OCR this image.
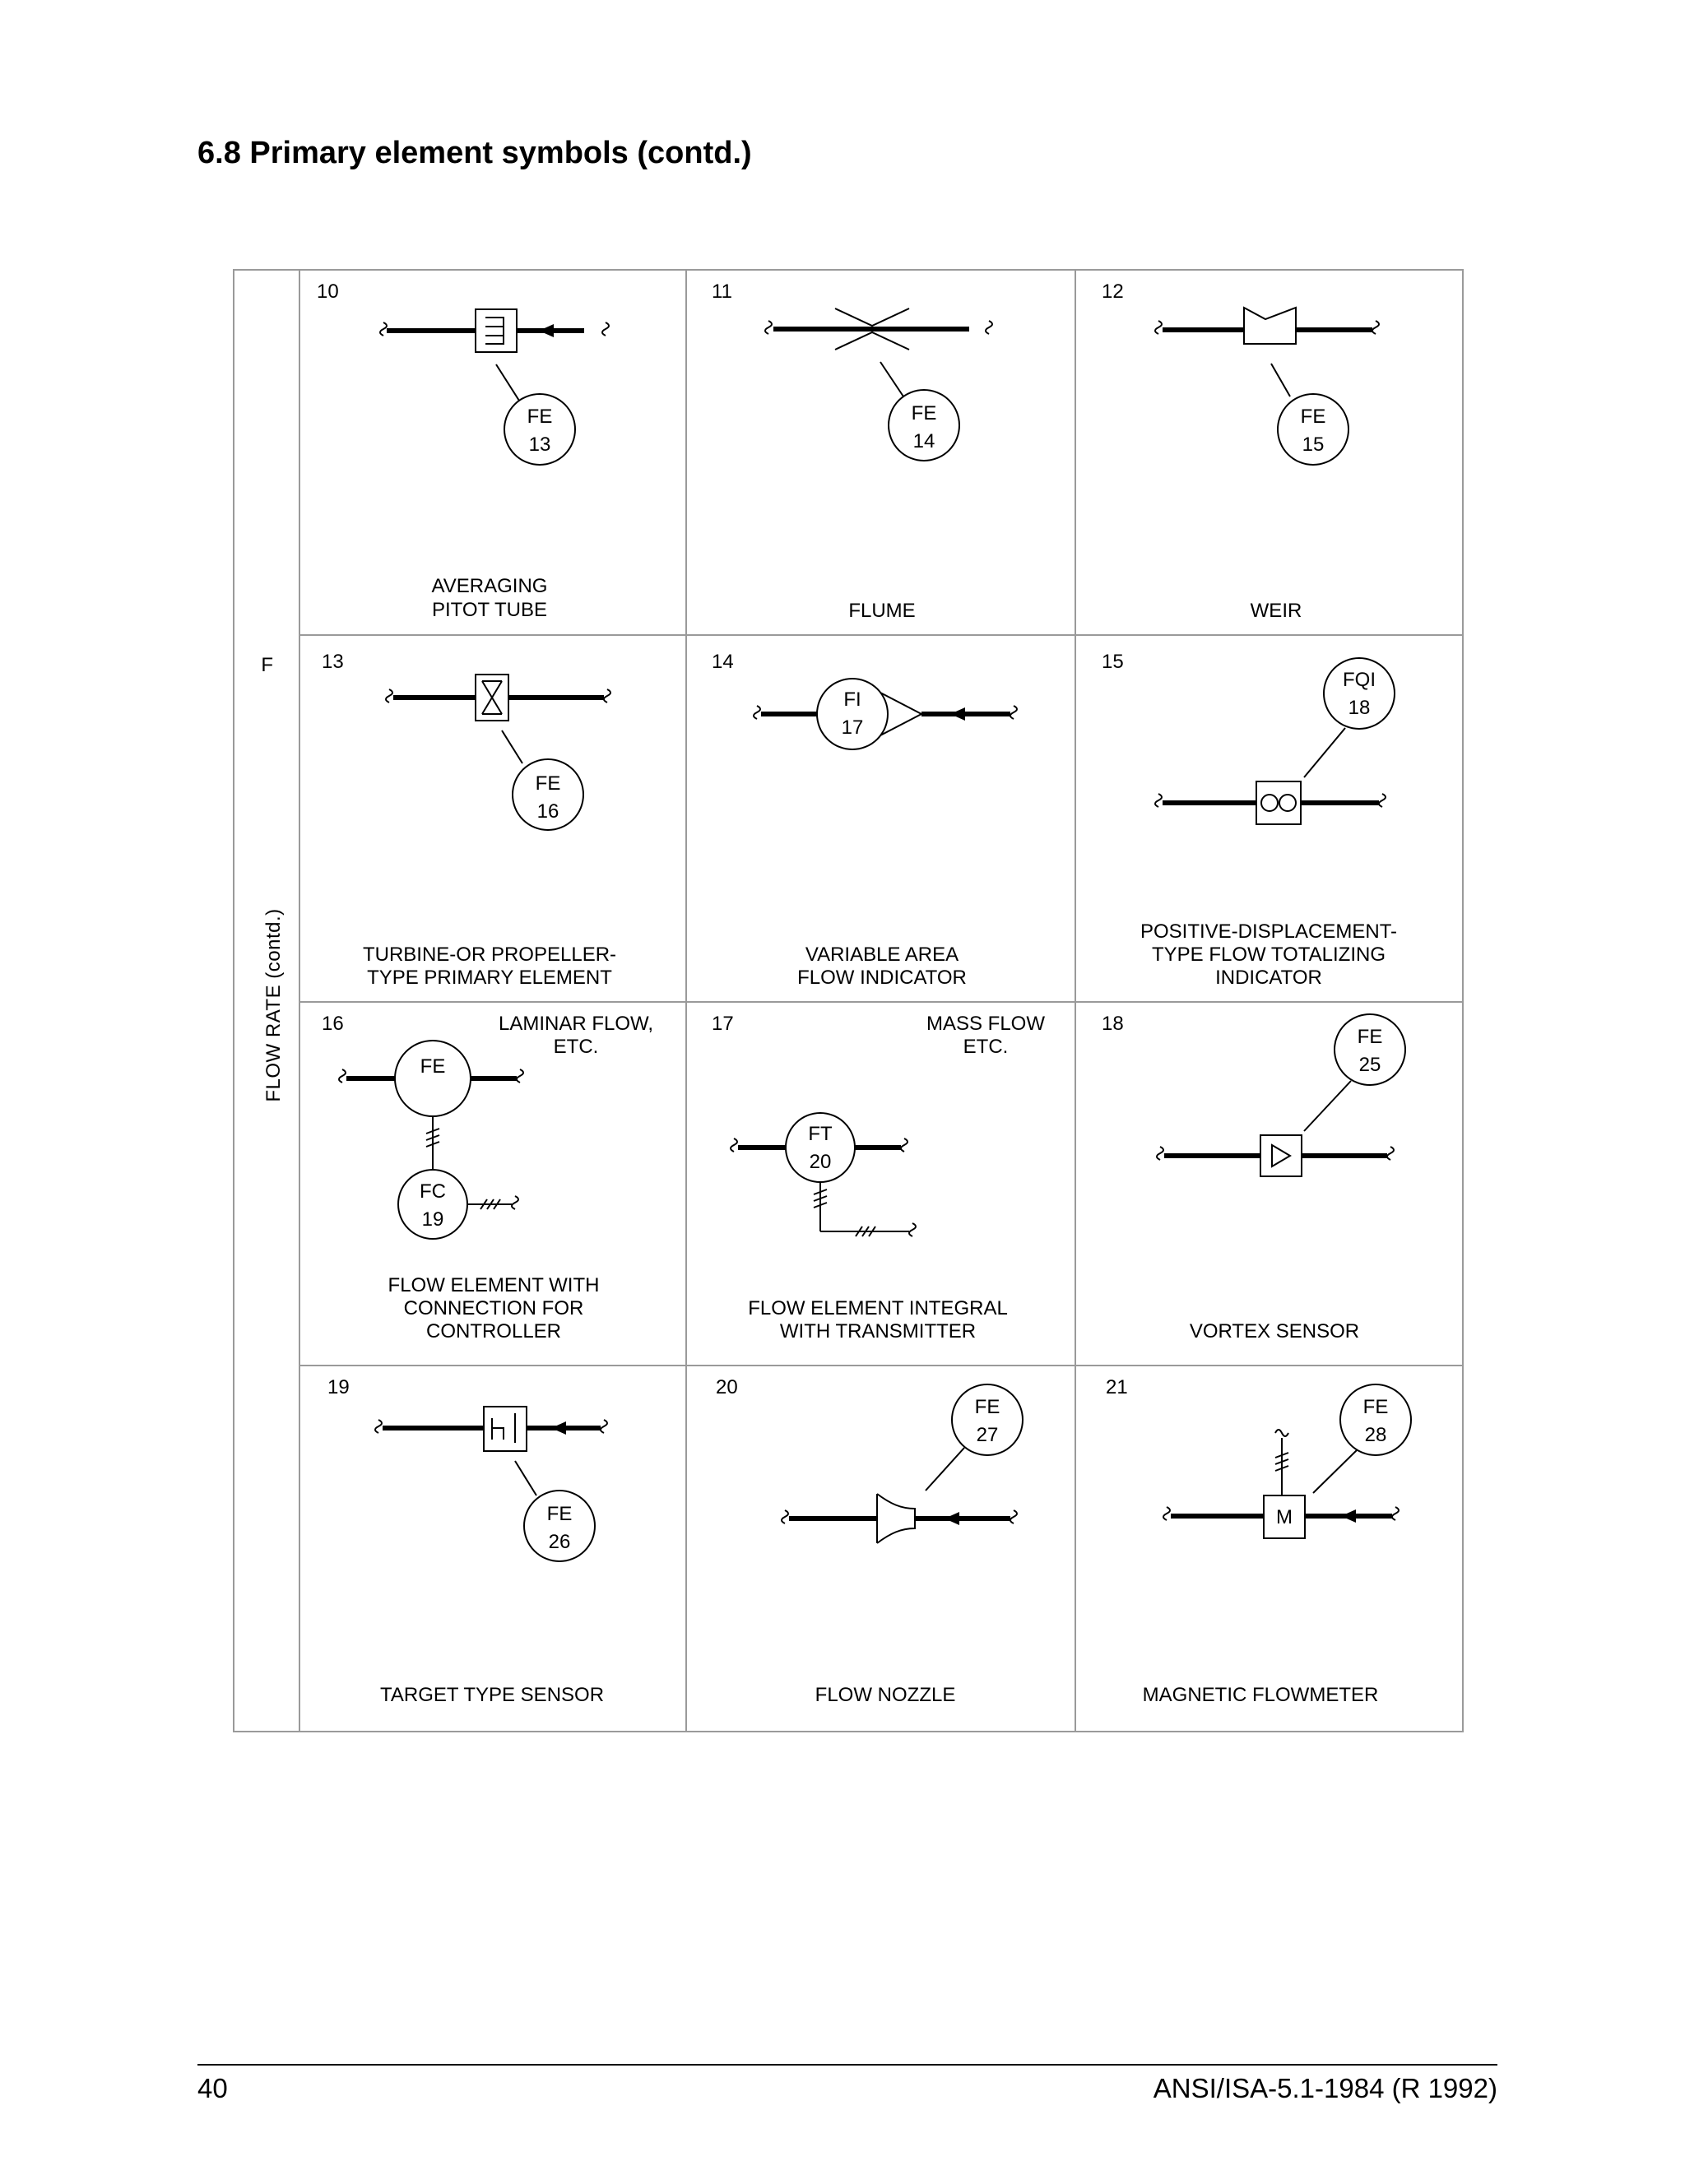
6.8 Primary element symbols (contd.)
F
FLOW RATE (contd.)
10
FE
13
AVERAGING
PITOT TUBE
11
FE
14
FLUME
12
FE
15
WEIR
13
FE
16
TURBINE-OR PROPELLER-
TYPE PRIMARY ELEMENT
14
FI
17
VARIABLE AREA
FLOW INDICATOR
15
FQI
18
POSITIVE-DISPLACEMENT-
TYPE FLOW TOTALIZING
INDICATOR
16	LAMINAR FLOW,
ETC.
FE
FC
19
FLOW ELEMENT WITH
CONNECTION FOR
CONTROLLER
17	MASS FLOW
ETC.
FT
20
FLOW ELEMENT INTEGRAL
WITH TRANSMITTER
18
FE
25
VORTEX SENSOR
19
FE
26
TARGET TYPE SENSOR
20
FE
27
FLOW NOZZLE
21
M
FE
28
MAGNETIC FLOWMETER
40	ANSI/ISA-5.1-1984 (R 1992)
